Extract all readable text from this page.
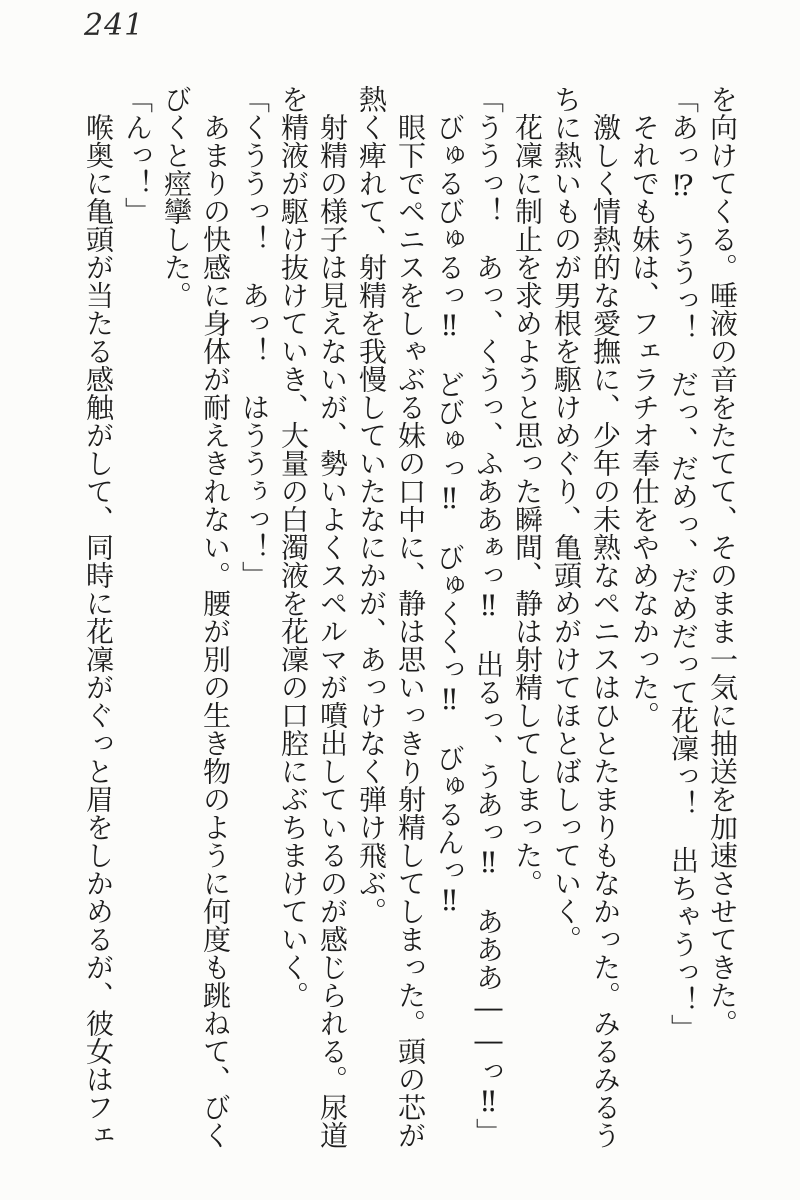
241

を向けてくる。唾液の音をたてて、そのまま一気に抽送を加速させてきた。

「あっ⁉　ううっ！　だっ、だめっ、だめだって花凜っ！　出ちゃうっ！」

それでも妹は、フェラチオ奉仕をやめなかった。

激しく情熱的な愛撫に、少年の未熟なペニスはひとたまりもなかった。みるみるうちに熱いものが男根を駆けめぐり、亀頭めがけてほとばしっていく。

花凜に制止を求めようと思った瞬間、静は射精してしまった。

「ううっ！　あっ、くうっ、ふああぁっ‼　出るっ、うあっ‼　あああ――っ‼」

びゅるびゅるっ‼　どびゅっ‼　びゅくくっ‼　びゅるんっ‼

眼下でペニスをしゃぶる妹の口中に、静は思いっきり射精してしまった。頭の芯が熱く痺れて、射精を我慢していたなにかが、あっけなく弾け飛ぶ。

射精の様子は見えないが、勢いよくスペルマが噴出しているのが感じられる。尿道を精液が駆け抜けていき、大量の白濁液を花凜の口腔にぶちまけていく。

「くううっ！　あっ！　はううぅっ！」

あまりの快感に身体が耐えきれない。腰が別の生き物のように何度も跳ねて、びくびくと痙攣した。

「んっ！」

喉奥に亀頭が当たる感触がして、同時に花凜がぐっと眉をしかめるが、彼女はフェ
